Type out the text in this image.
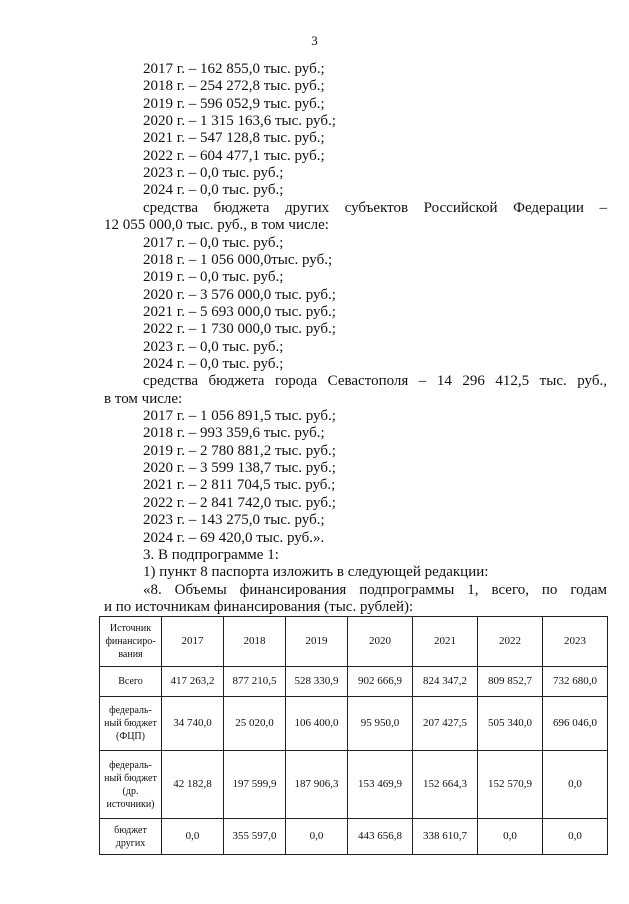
3
2017 г. – 162 855,0 тыс. руб.;
2018 г. – 254 272,8 тыс. руб.;
2019 г. – 596 052,9 тыс. руб.;
2020 г. – 1 315 163,6 тыс. руб.;
2021 г. – 547 128,8 тыс. руб.;
2022 г. – 604 477,1 тыс. руб.;
2023 г. – 0,0 тыс. руб.;
2024 г. – 0,0 тыс. руб.;
средства бюджета других субъектов Российской Федерации –
12 055 000,0 тыс. руб., в том числе:
2017 г. – 0,0 тыс. руб.;
2018 г. – 1 056 000,0тыс. руб.;
2019 г. – 0,0 тыс. руб.;
2020 г. – 3 576 000,0 тыс. руб.;
2021 г. – 5 693 000,0 тыс. руб.;
2022 г. – 1 730 000,0 тыс. руб.;
2023 г. – 0,0 тыс. руб.;
2024 г. – 0,0 тыс. руб.;
средства бюджета города Севастополя – 14 296 412,5 тыс. руб.,
в том числе:
2017 г. – 1 056 891,5 тыс. руб.;
2018 г. – 993 359,6 тыс. руб.;
2019 г. – 2 780 881,2 тыс. руб.;
2020 г. – 3 599 138,7 тыс. руб.;
2021 г. – 2 811 704,5 тыс. руб.;
2022 г. – 2 841 742,0 тыс. руб.;
2023 г. – 143 275,0 тыс. руб.;
2024 г. – 69 420,0 тыс. руб.».
3. В подпрограмме 1:
1) пункт 8 паспорта изложить в следующей редакции:
«8. Объемы финансирования подпрограммы 1, всего, по годам
и по источникам финансирования (тыс. рублей):
Источник финансиро-вания	2017	2018	2019	2020	2021	2022	2023
Всего	417 263,2	877 210,5	528 330,9	902 666,9	824 347,2	809 852,7	732 680,0
федераль-ный бюджет (ФЦП)	34 740,0	25 020,0	106 400,0	95 950,0	207 427,5	505 340,0	696 046,0
федераль-ный бюджет (др. источники)	42 182,8	197 599,9	187 906,3	153 469,9	152 664,3	152 570,9	0,0
бюджет других	0,0	355 597,0	0,0	443 656,8	338 610,7	0,0	0,0
